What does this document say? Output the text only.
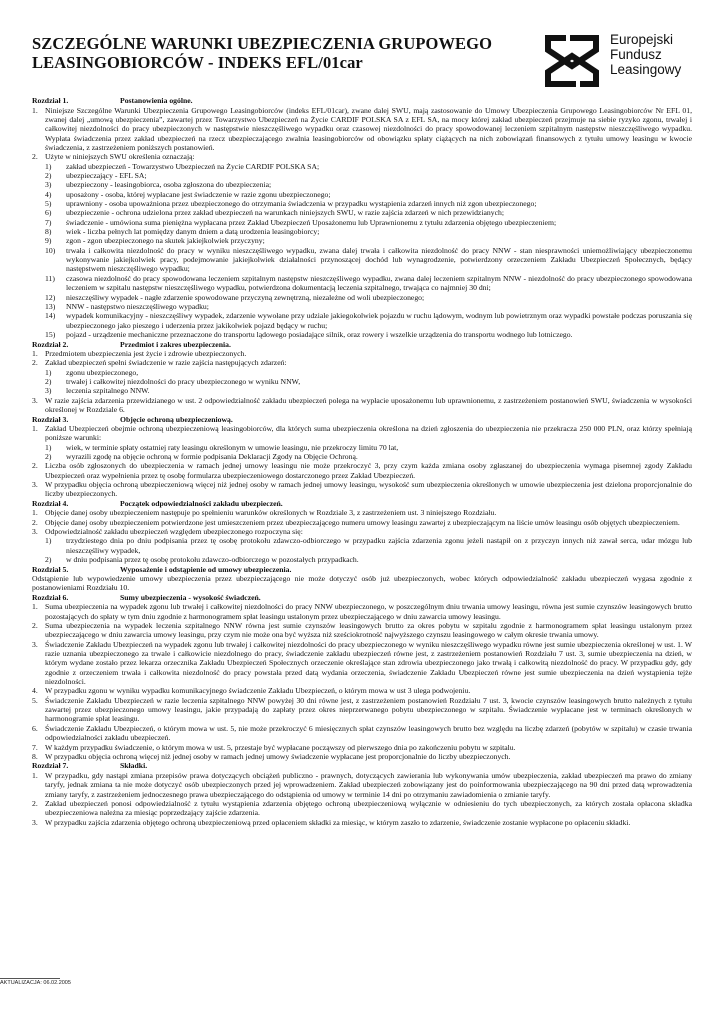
SZCZEGÓLNE WARUNKI UBEZPIECZENIA GRUPOWEGO LEASINGOBIORCÓW - INDEKS EFL/01car
Europejski
Fundusz
Leasingowy
Rozdział 1.	Postanowienia ogólne.
1. Niniejsze Szczególne Warunki Ubezpieczenia Grupowego Leasingobiorców (indeks EFL/01car), zwane dalej SWU, mają zastosowanie do Umowy Ubezpieczenia Grupowego Leasingobiorców Nr EFL 01, zwanej dalej „umową ubezpieczenia”, zawartej przez Towarzystwo Ubezpieczeń na Życie CARDIF POLSKA SA z EFL SA, na mocy której zakład ubezpieczeń przejmuje na siebie ryzyko zgonu, trwałej i całkowitej niezdolności do pracy ubezpieczonych w następstwie nieszczęśliwego wypadku oraz czasowej niezdolności do pracy spowodowanej leczeniem szpitalnym następstw nieszczęśliwego wypadku. Wypłata świadczenia przez zakład ubezpieczeń na rzecz ubezpieczającego zwalnia leasingobiorców od obowiązku spłaty ciążących na nich zobowiązań finansowych z tytułu umowy leasingu w kwocie świadczenia, z zastrzeżeniem poniższych postanowień.
2. Użyte w niniejszych SWU określenia oznaczają:
1) zakład ubezpieczeń - Towarzystwo Ubezpieczeń na Życie CARDIF POLSKA SA;
2) ubezpieczający - EFL SA;
3) ubezpieczony - leasingobiorca, osoba zgłoszona do ubezpieczenia;
4) uposażony - osoba, której wypłacane jest świadczenie w razie zgonu ubezpieczonego;
5) uprawniony - osoba upoważniona przez ubezpieczonego do otrzymania świadczenia w przypadku wystąpienia zdarzeń innych niż zgon ubezpieczonego;
6) ubezpieczenie - ochrona udzielona przez zakład ubezpieczeń na warunkach niniejszych SWU, w razie zajścia zdarzeń w nich przewidzianych;
7) świadczenie - umówiona suma pieniężna wypłacana przez Zakład Ubezpieczeń Uposażonemu lub Uprawnionemu z tytułu zdarzenia objętego ubezpieczeniem;
8) wiek - liczba pełnych lat pomiędzy danym dniem a datą urodzenia leasingobiorcy;
9) zgon - zgon ubezpieczonego na skutek jakiejkolwiek przyczyny;
10) trwała i całkowita niezdolność do pracy w wyniku nieszczęśliwego wypadku, zwana dalej trwała i całkowita niezdolność do pracy NNW - stan niesprawności uniemożliwiający ubezpieczonemu wykonywanie jakiejkolwiek pracy, podejmowanie jakiejkolwiek działalności przynoszącej dochód lub wynagrodzenie, potwierdzony orzeczeniem Zakładu Ubezpieczeń Społecznych, będący następstwem nieszczęśliwego wypadku;
11) czasowa niezdolność do pracy spowodowana leczeniem szpitalnym następstw nieszczęśliwego wypadku, zwana dalej leczeniem szpitalnym NNW - niezdolność do pracy ubezpieczonego spowodowana leczeniem w szpitalu następstw nieszczęśliwego wypadku, potwierdzona dokumentacją leczenia szpitalnego, trwająca co najmniej 30 dni;
12) nieszczęśliwy wypadek - nagłe zdarzenie spowodowane przyczyną zewnętrzną, niezależne od woli ubezpieczonego;
13) NNW - następstwo nieszczęśliwego wypadku;
14) wypadek komunikacyjny - nieszczęśliwy wypadek, zdarzenie wywołane przy udziale jakiegokolwiek pojazdu w ruchu lądowym, wodnym lub powietrznym oraz wypadki powstałe podczas poruszania się ubezpieczonego jako pieszego i uderzenia przez jakikolwiek pojazd będący w ruchu;
15) pojazd - urządzenie mechaniczne przeznaczone do transportu lądowego posiadające silnik, oraz rowery i wszelkie urządzenia do transportu wodnego lub lotniczego.
Rozdział 2.	Przedmiot i zakres ubezpieczenia.
1. Przedmiotem ubezpieczenia jest życie i zdrowie ubezpieczonych.
2. Zakład ubezpieczeń spełni świadczenie w razie zajścia następujących zdarzeń:
1) zgonu ubezpieczonego,
2) trwałej i całkowitej niezdolności do pracy ubezpieczonego w wyniku NNW,
3) leczenia szpitalnego NNW.
3. W razie zajścia zdarzenia przewidzianego w ust. 2 odpowiedzialność zakładu ubezpieczeń polega na wypłacie uposażonemu lub uprawnionemu, z zastrzeżeniem postanowień SWU, świadczenia w wysokości określonej w Rozdziale 6.
Rozdział 3.	Objęcie ochroną ubezpieczeniową.
1. Zakład Ubezpieczeń obejmie ochroną ubezpieczeniową leasingobiorców, dla których suma ubezpieczenia określona na dzień zgłoszenia do ubezpieczenia nie przekracza 250 000 PLN, oraz którzy spełniają poniższe warunki:
1) wiek, w terminie spłaty ostatniej raty leasingu określonym w umowie leasingu, nie przekroczy limitu 70 lat,
2) wyrazili zgodę na objęcie ochroną w formie podpisania Deklaracji Zgody na Objęcie Ochroną.
2. Liczba osób zgłoszonych do ubezpieczenia w ramach jednej umowy leasingu nie może przekroczyć 3, przy czym każda zmiana osoby zgłaszanej do ubezpieczenia wymaga pisemnej zgody Zakładu Ubezpieczeń oraz wypełnienia przez tę osobę formularza ubezpieczeniowego dostarczonego przez Zakład Ubezpieczeń.
3. W przypadku objęcia ochroną ubezpieczeniową więcej niż jednej osoby w ramach jednej umowy leasingu, wysokość sum ubezpieczenia określonych w umowie ubezpieczenia jest dzielona proporcjonalnie do liczby ubezpieczonych.
Rozdział 4.	Początek odpowiedzialności zakładu ubezpieczeń.
1. Objęcie danej osoby ubezpieczeniem następuje po spełnieniu warunków określonych w Rozdziale 3, z zastrzeżeniem ust. 3 niniejszego Rozdziału.
2. Objęcie danej osoby ubezpieczeniem potwierdzone jest umieszczeniem przez ubezpieczającego numeru umowy leasingu zawartej z ubezpieczającym na liście umów leasingu osób objętych ubezpieczeniem.
3. Odpowiedzialność zakładu ubezpieczeń względem ubezpieczonego rozpoczyna się:
1) trzydziestego dnia po dniu podpisania przez tę osobę protokołu zdawczo-odbiorczego w przypadku zajścia zdarzenia zgonu jeżeli nastąpił on z przyczyn innych niż zawał serca, udar mózgu lub nieszczęśliwy wypadek,
2) w dniu podpisania przez tę osobę protokołu zdawczo-odbiorczego w pozostałych przypadkach.
Rozdział 5.	Wyposażenie i odstąpienie od umowy ubezpieczenia.
Odstąpienie lub wypowiedzenie umowy ubezpieczenia przez ubezpieczającego nie może dotyczyć osób już ubezpieczonych, wobec których odpowiedzialność zakładu ubezpieczeń wygasa zgodnie z postanowieniami Rozdziału 10.
Rozdział 6.	Sumy ubezpieczenia - wysokość świadczeń.
1. Suma ubezpieczenia na wypadek zgonu lub trwałej i całkowitej niezdolności do pracy NNW ubezpieczonego, w poszczególnym dniu trwania umowy leasingu, równa jest sumie czynszów leasingowych brutto pozostających do spłaty w tym dniu zgodnie z harmonogramem spłat leasingu ustalonym przez ubezpieczającego w dniu zawarcia umowy leasingu.
2. Suma ubezpieczenia na wypadek leczenia szpitalnego NNW równa jest sumie czynszów leasingowych brutto za okres pobytu w szpitalu zgodnie z harmonogramem spłat leasingu ustalonym przez ubezpieczającego w dniu zawarcia umowy leasingu, przy czym nie może ona być wyższa niż sześciokrotność najwyższego czynszu leasingowego w całym okresie trwania umowy.
3. Świadczenie Zakładu Ubezpieczeń na wypadek zgonu lub trwałej i całkowitej niezdolności do pracy ubezpieczonego w wyniku nieszczęśliwego wypadku równe jest sumie ubezpieczenia określonej w ust. 1. W razie uznania ubezpieczonego za trwale i całkowicie niezdolnego do pracy, świadczenie zakładu ubezpieczeń równe jest, z zastrzeżeniem postanowień Rozdziału 7 ust. 3, sumie ubezpieczenia na dzień, w którym wydane zostało przez lekarza orzecznika Zakładu Ubezpieczeń Społecznych orzeczenie określające stan zdrowia ubezpieczonego jako trwałą i całkowitą niezdolność do pracy. W przypadku gdy, gdy zgodnie z orzeczeniem trwała i całkowita niezdolność do pracy powstała przed datą wydania orzeczenia, świadczenie Zakładu Ubezpieczeń równe jest sumie ubezpieczenia na dzień wystąpienia tejże niezdolności.
4. W przypadku zgonu w wyniku wypadku komunikacyjnego świadczenie Zakładu Ubezpieczeń, o którym mowa w ust 3 ulega podwojeniu.
5. Świadczenie Zakładu Ubezpieczeń w razie leczenia szpitalnego NNW powyżej 30 dni równe jest, z zastrzeżeniem postanowień Rozdziału 7 ust. 3, kwocie czynszów leasingowych brutto należnych z tytułu zawartej przez ubezpieczonego umowy leasingu, jakie przypadają do zapłaty przez okres nieprzerwanego pobytu ubezpieczonego w szpitalu. Świadczenie wypłacane jest w terminach określonych w harmonogramie spłat leasingu.
6. Świadczenie Zakładu Ubezpieczeń, o którym mowa w ust. 5, nie może przekroczyć 6 miesięcznych spłat czynszów leasingowych brutto bez względu na liczbę zdarzeń (pobytów w szpitalu) w czasie trwania odpowiedzialności zakładu ubezpieczeń.
7. W każdym przypadku świadczenie, o którym mowa w ust. 5, przestaje być wypłacane począwszy od pierwszego dnia po zakończeniu pobytu w szpitalu.
8. W przypadku objęcia ochroną więcej niż jednej osoby w ramach jednej umowy świadczenie wypłacane jest proporcjonalnie do liczby ubezpieczonych.
Rozdział 7.	Składki.
1. W przypadku, gdy nastąpi zmiana przepisów prawa dotyczących obciążeń publiczno - prawnych, dotyczących zawierania lub wykonywania umów ubezpieczenia, zakład ubezpieczeń ma prawo do zmiany taryfy, jednak zmiana ta nie może dotyczyć osób ubezpieczonych przed jej wprowadzeniem. Zakład ubezpieczeń zobowiązany jest do poinformowania ubezpieczającego na 90 dni przed datą wprowadzenia zmiany taryfy, z zastrzeżeniem jednoczesnego prawa ubezpieczającego do odstąpienia od umowy w terminie 14 dni po otrzymaniu zawiadomienia o zmianie taryfy.
2. Zakład ubezpieczeń ponosi odpowiedzialność z tytułu wystąpienia zdarzenia objętego ochroną ubezpieczeniową wyłącznie w odniesieniu do tych ubezpieczonych, za których została opłacona składka ubezpieczeniowa należna za miesiąc poprzedzający zajście zdarzenia.
3. W przypadku zajścia zdarzenia objętego ochroną ubezpieczeniową przed opłaceniem składki za miesiąc, w którym zaszło to zdarzenie, świadczenie zostanie wypłacone po opłaceniu składki.
AKTUALIZACJA: 06.02.2005
